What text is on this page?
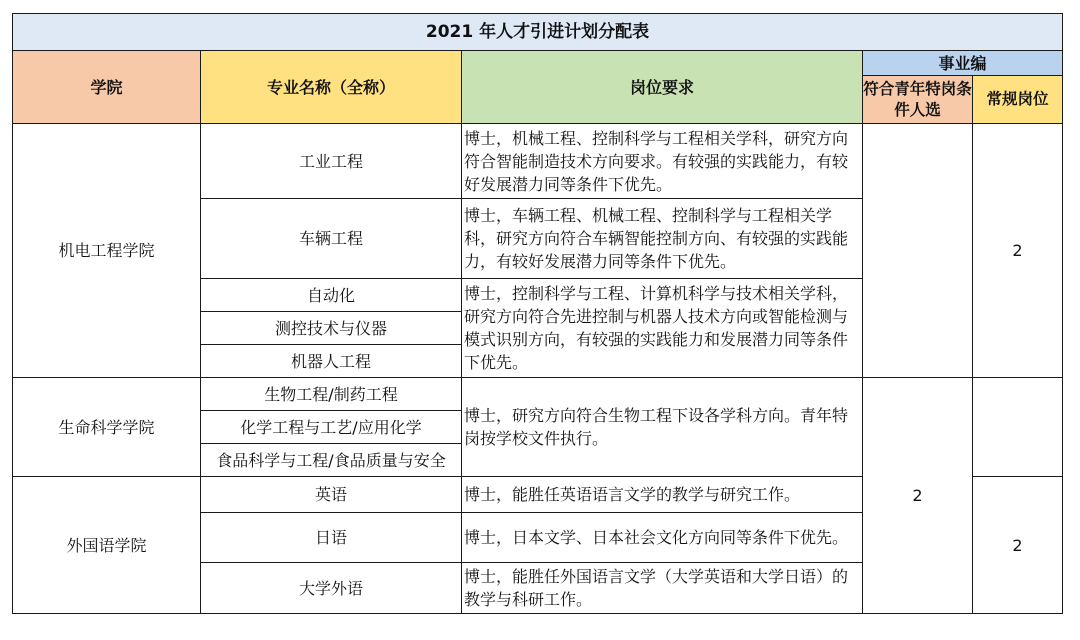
2021 年人才引进计划分配表				
学院	专业名称（全称）	岗位要求	事业编	
			符合青年特岗条件人选	常规岗位
机电工程学院	工业工程	博士，机械工程、控制科学与工程相关学科，研究方向符合智能制造技术方向要求。有较强的实践能力，有较好发展潜力同等条件下优先。		2
	车辆工程	博士，车辆工程、机械工程、控制科学与工程相关学科，研究方向符合车辆智能控制方向、有较强的实践能力，有较好发展潜力同等条件下优先。		
	自动化	博士，控制科学与工程、计算机科学与技术相关学科，研究方向符合先进控制与机器人技术方向或智能检测与模式识别方向，有较强的实践能力和发展潜力同等条件下优先。		
	测控技术与仪器			
	机器人工程			
生命科学学院	生物工程/制药工程	博士，研究方向符合生物工程下设各学科方向。青年特岗按学校文件执行。	2	
	化学工程与工艺/应用化学			
	食品科学与工程/食品质量与安全			
外国语学院	英语	博士，能胜任英语语言文学的教学与研究工作。		2
	日语	博士，日本文学、日本社会文化方向同等条件下优先。		
	大学外语	博士，能胜任外国语言文学（大学英语和大学日语）的教学与科研工作。		
